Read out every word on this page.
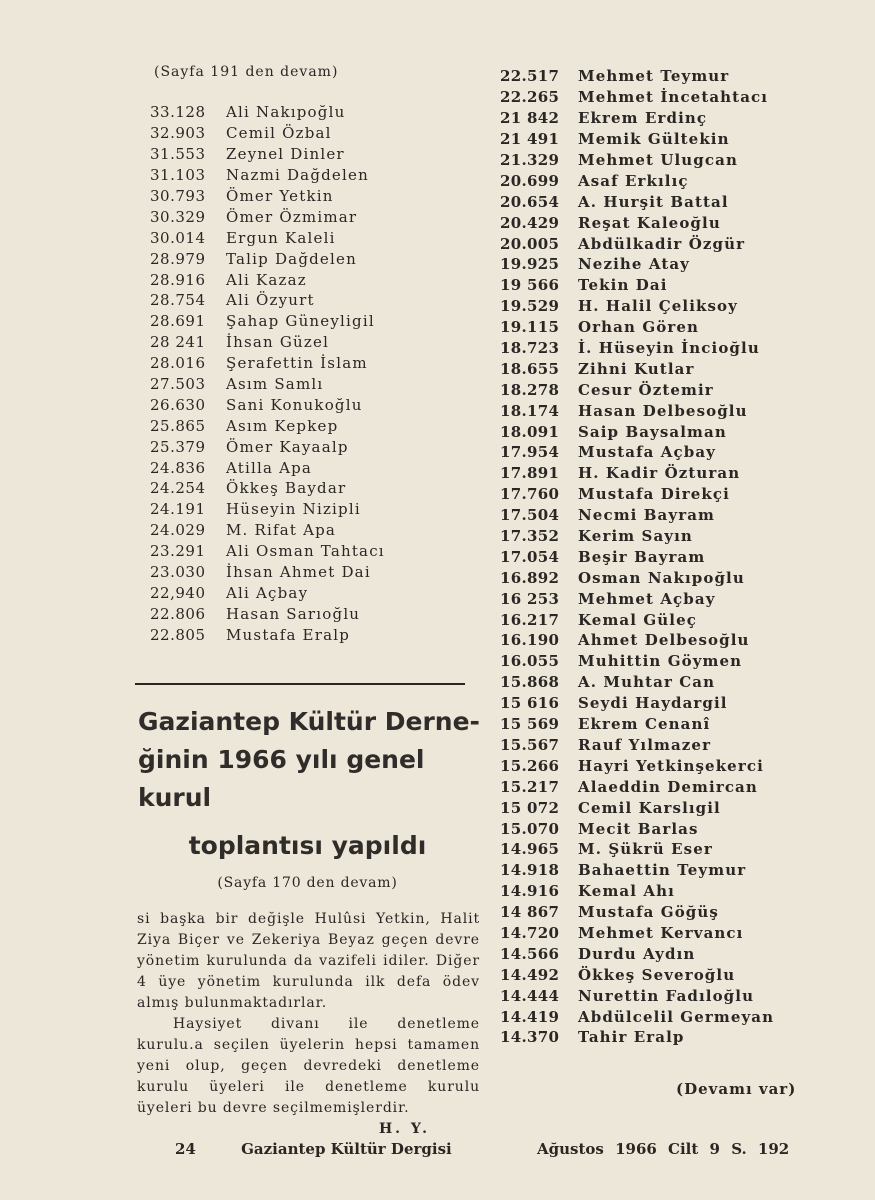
(Sayfa 191 den devam)
33.128	Ali Nakıpoğlu
32.903	Cemil Özbal
31.553	Zeynel Dinler
31.103	Nazmi Dağdelen
30.793	Ömer Yetkin
30.329	Ömer Özmimar
30.014	Ergun Kaleli
28.979	Talip Dağdelen
28.916	Ali Kazaz
28.754	Ali Özyurt
28.691	Şahap Güneyligil
28 241	İhsan Güzel
28.016	Şerafettin İslam
27.503	Asım Samlı
26.630	Sani Konukoğlu
25.865	Asım Kepkep
25.379	Ömer Kayaalp
24.836	Atilla Apa
24.254	Ökkeş Baydar
24.191	Hüseyin Nizipli
24.029	M. Rifat Apa
23.291	Ali Osman Tahtacı
23.030	İhsan Ahmet Dai
22,940	Ali Açbay
22.806	Hasan Sarıoğlu
22.805	Mustafa Eralp
Gaziantep Kültür Derne-
ğinin 1966 yılı genel kurul
toplantısı yapıldı
(Sayfa 170 den devam)

si başka bir değişle Hulûsi Yetkin, Halit Ziya Biçer ve Zekeriya Beyaz geçen devre yönetim kurulunda da vazifeli idiler. Diğer 4 üye yönetim kurulunda ilk defa ödev almış bulunmaktadırlar.

Haysiyet divanı ile denetleme kurulu.a seçilen üyelerin hepsi tamamen yeni olup, geçen devredeki denetleme kurulu üyeleri ile denetleme kurulu üyeleri bu devre seçilmemişlerdir.

H. Y.
22.517	Mehmet Teymur
22.265	Mehmet İncetahtacı
21 842	Ekrem Erdinç
21 491	Memik Gültekin
21.329	Mehmet Ulugcan
20.699	Asaf Erkılıç
20.654	A. Hurşit Battal
20.429	Reşat Kaleoğlu
20.005	Abdülkadir Özgür
19.925	Nezihe Atay
19 566	Tekin Dai
19.529	H. Halil Çeliksoy
19.115	Orhan Gören
18.723	İ. Hüseyin İncioğlu
18.655	Zihni Kutlar
18.278	Cesur Öztemir
18.174	Hasan Delbesoğlu
18.091	Saip Baysalman
17.954	Mustafa Açbay
17.891	H. Kadir Özturan
17.760	Mustafa Direkçi
17.504	Necmi Bayram
17.352	Kerim Sayın
17.054	Beşir Bayram
16.892	Osman Nakıpoğlu
16 253	Mehmet Açbay
16.217	Kemal Güleç
16.190	Ahmet Delbesoğlu
16.055	Muhittin Göymen
15.868	A. Muhtar Can
15 616	Seydi Haydargil
15 569	Ekrem Cenanî
15.567	Rauf Yılmazer
15.266	Hayri Yetkinşekerci
15.217	Alaeddin Demircan
15 072	Cemil Karslıgil
15.070	Mecit Barlas
14.965	M. Şükrü Eser
14.918	Bahaettin Teymur
14.916	Kemal Ahı
14 867	Mustafa Göğüş
14.720	Mehmet Kervancı
14.566	Durdu Aydın
14.492	Ökkeş Severoğlu
14.444	Nurettin Fadıloğlu
14.419	Abdülcelil Germeyan
14.370	Tahir Eralp
(Devamı var)
24	Gaziantep Kültür Dergisi	Ağustos 1966 Cilt 9 S. 192
